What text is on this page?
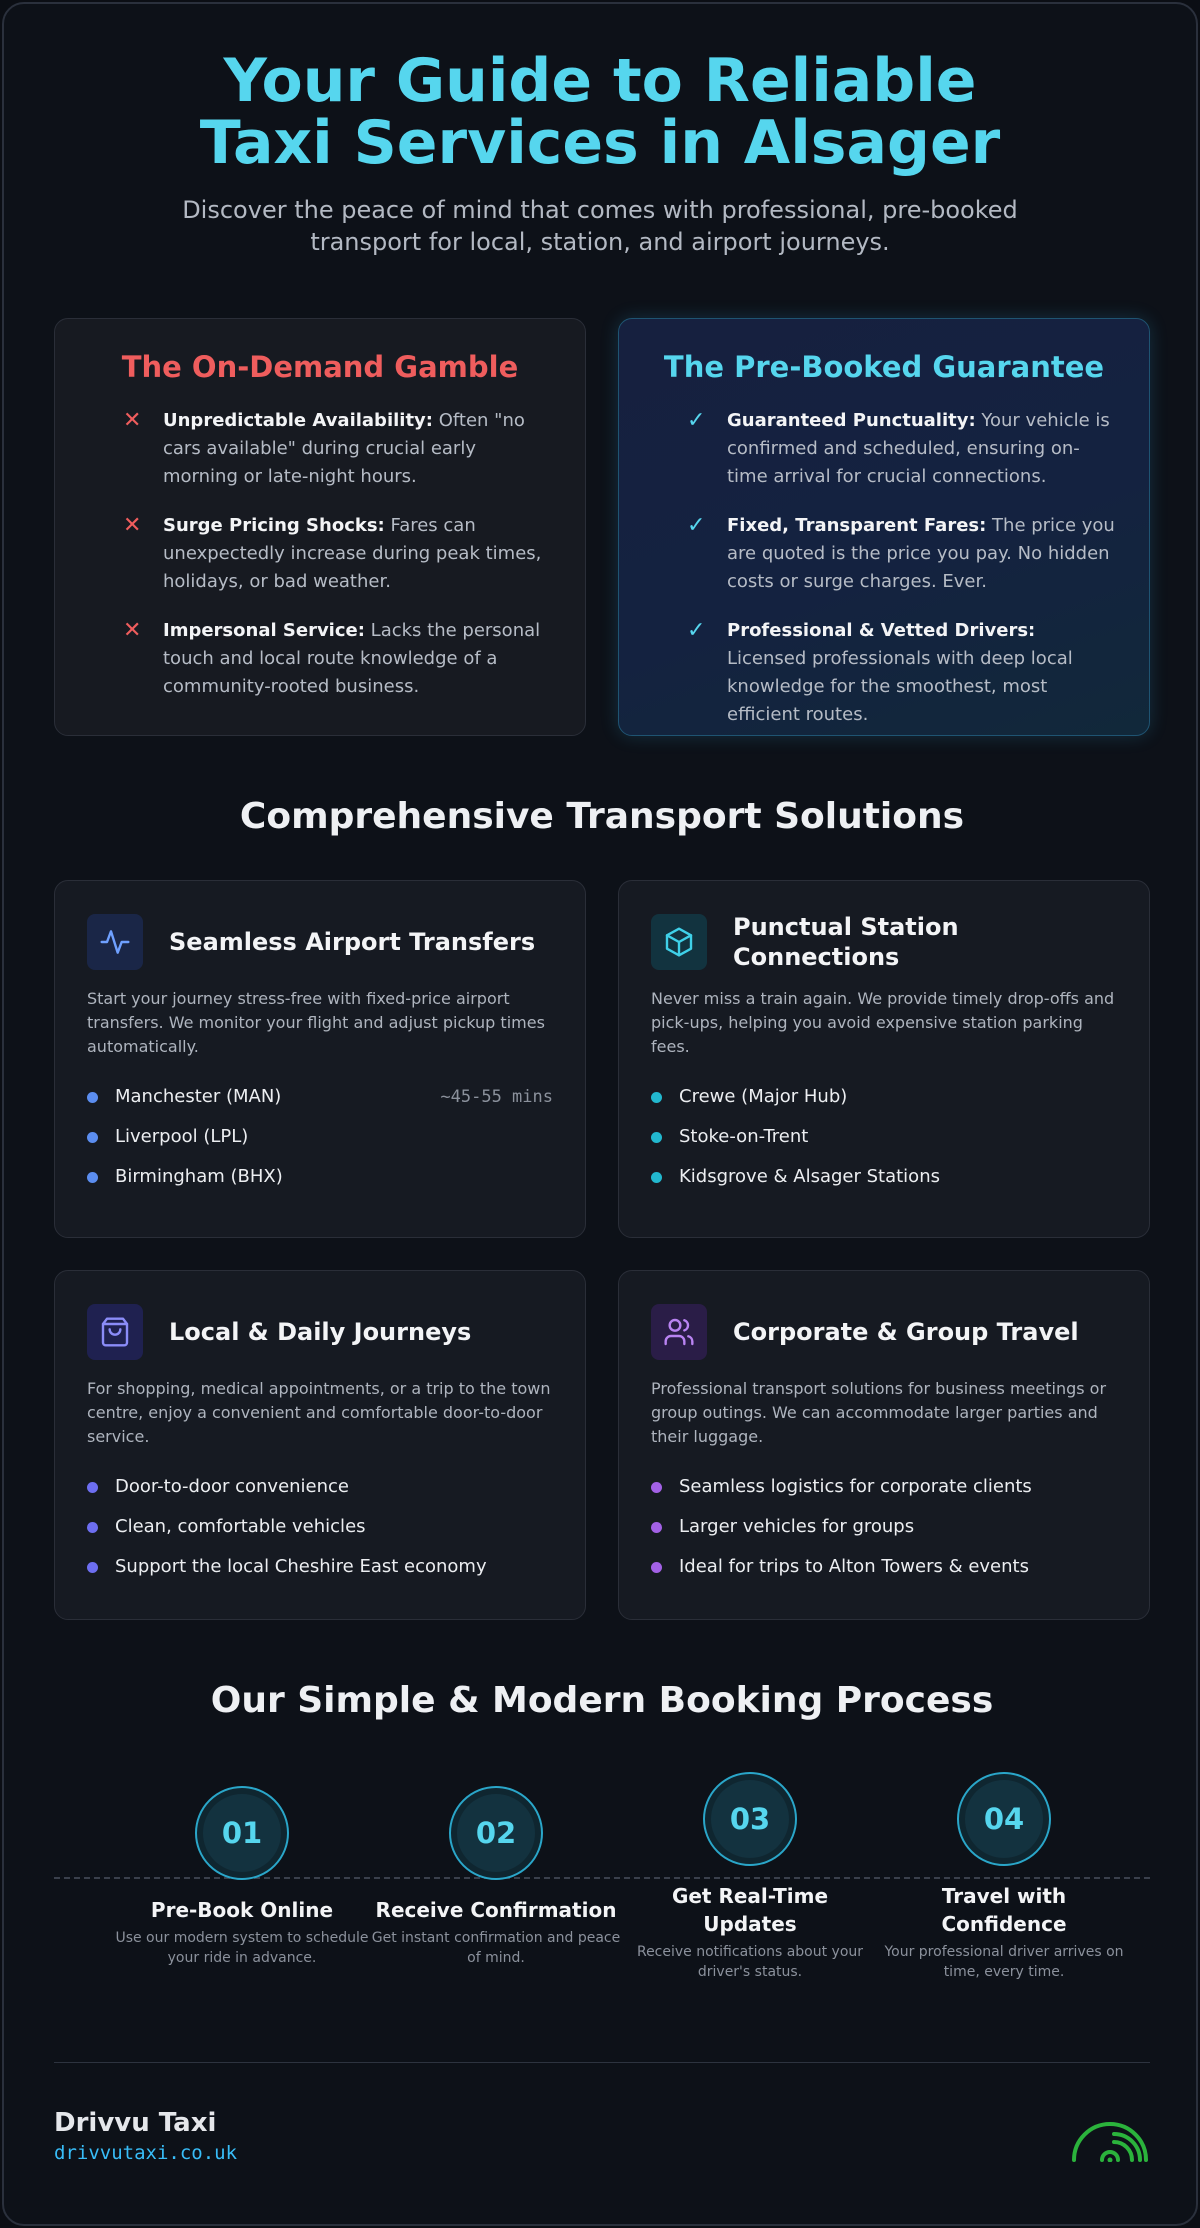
Your Guide to Reliable Taxi Services in Alsager

Discover the peace of mind that comes with professional, pre-booked transport for local, station, and airport journeys.

The On-Demand Gamble
✕ Unpredictable Availability: Often "no cars available" during crucial early morning or late-night hours.
✕ Surge Pricing Shocks: Fares can unexpectedly increase during peak times, holidays, or bad weather.
✕ Impersonal Service: Lacks the personal touch and local route knowledge of a community-rooted business.
The Pre-Booked Guarantee
✓ Guaranteed Punctuality: Your vehicle is confirmed and scheduled, ensuring on-time arrival for crucial connections.
✓ Fixed, Transparent Fares: The price you are quoted is the price you pay. No hidden costs or surge charges. Ever.
✓ Professional & Vetted Drivers: Licensed professionals with deep local knowledge for the smoothest, most efficient routes.
Comprehensive Transport Solutions
Seamless Airport Transfers
Start your journey stress-free with fixed-price airport transfers. We monitor your flight and adjust pickup times automatically.
Manchester (MAN)	~45-55 mins
Liverpool (LPL)
Birmingham (BHX)
Punctual Station Connections
Never miss a train again. We provide timely drop-offs and pick-ups, helping you avoid expensive station parking fees.
Crewe (Major Hub)
Stoke-on-Trent
Kidsgrove & Alsager Stations
Local & Daily Journeys
For shopping, medical appointments, or a trip to the town centre, enjoy a convenient and comfortable door-to-door service.
Door-to-door convenience
Clean, comfortable vehicles
Support the local Cheshire East economy
Corporate & Group Travel
Professional transport solutions for business meetings or group outings. We can accommodate larger parties and their luggage.
Seamless logistics for corporate clients
Larger vehicles for groups
Ideal for trips to Alton Towers & events
Our Simple & Modern Booking Process
01
Pre-Book Online
Use our modern system to schedule your ride in advance.
02
Receive Confirmation
Get instant confirmation and peace of mind.
03
Get Real-Time Updates
Receive notifications about your driver's status.
04
Travel with Confidence
Your professional driver arrives on time, every time.
Drivvu Taxi
drivvutaxi.co.uk
